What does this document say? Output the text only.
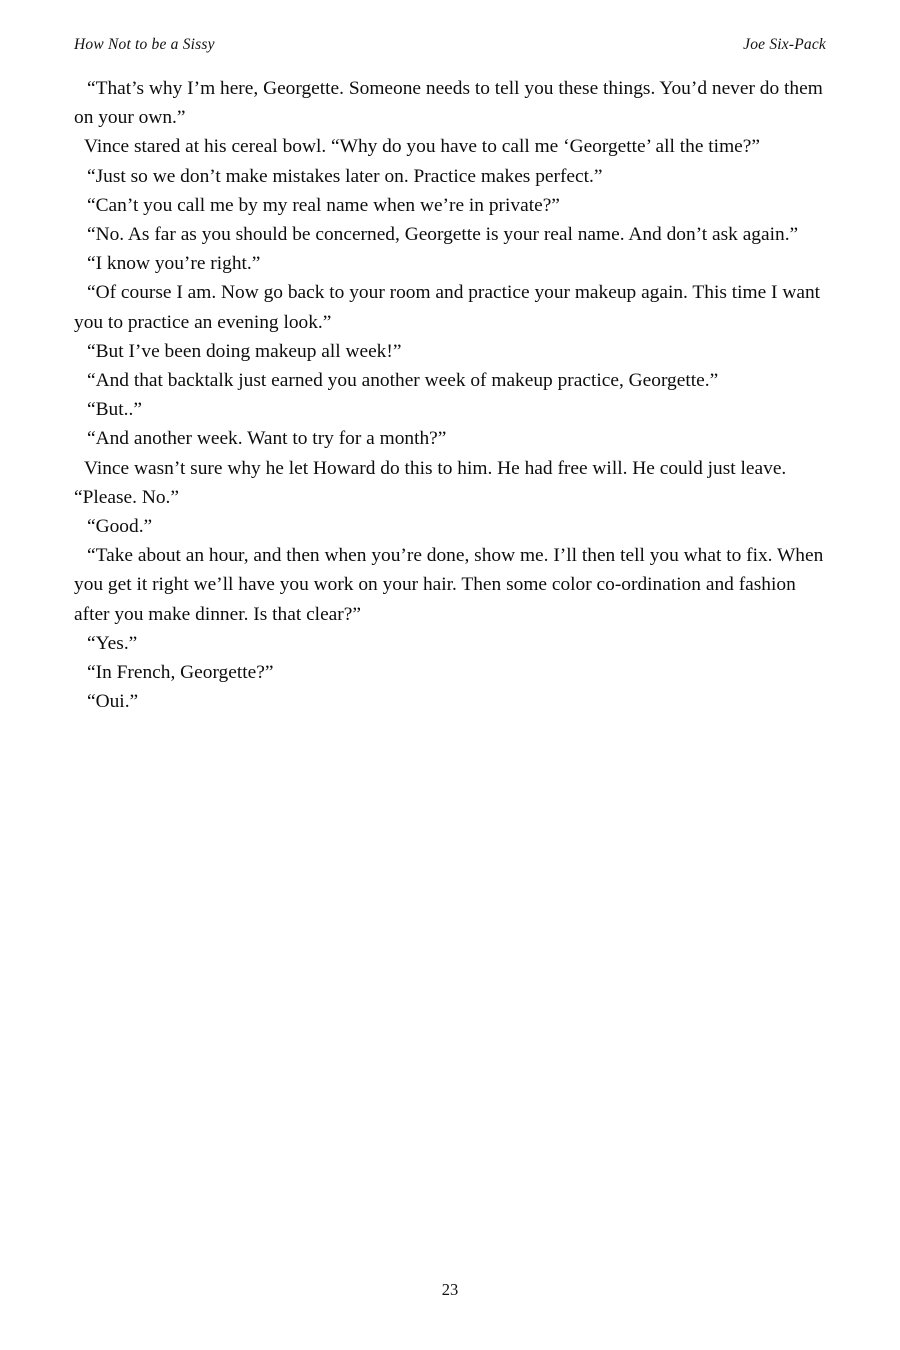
How Not to be a Sissy	Joe Six-Pack

“That’s why I’m here, Georgette. Someone needs to tell you these things. You’d never do them on your own.”

Vince stared at his cereal bowl. “Why do you have to call me ‘Georgette’ all the time?”

“Just so we don’t make mistakes later on. Practice makes perfect.”

“Can’t you call me by my real name when we’re in private?”

“No. As far as you should be concerned, Georgette is your real name. And don’t ask again.”

“I know you’re right.”

“Of course I am. Now go back to your room and practice your makeup again. This time I want you to practice an evening look.”

“But I’ve been doing makeup all week!”

“And that backtalk just earned you another week of makeup practice, Georgette.”

“But..”

“And another week. Want to try for a month?”

Vince wasn’t sure why he let Howard do this to him. He had free will. He could just leave. “Please. No.”

“Good.”

“Take about an hour, and then when you’re done, show me. I’ll then tell you what to fix. When you get it right we’ll have you work on your hair. Then some color co-ordination and fashion after you make dinner. Is that clear?”

“Yes.”

“In French, Georgette?”

“Oui.”

23
